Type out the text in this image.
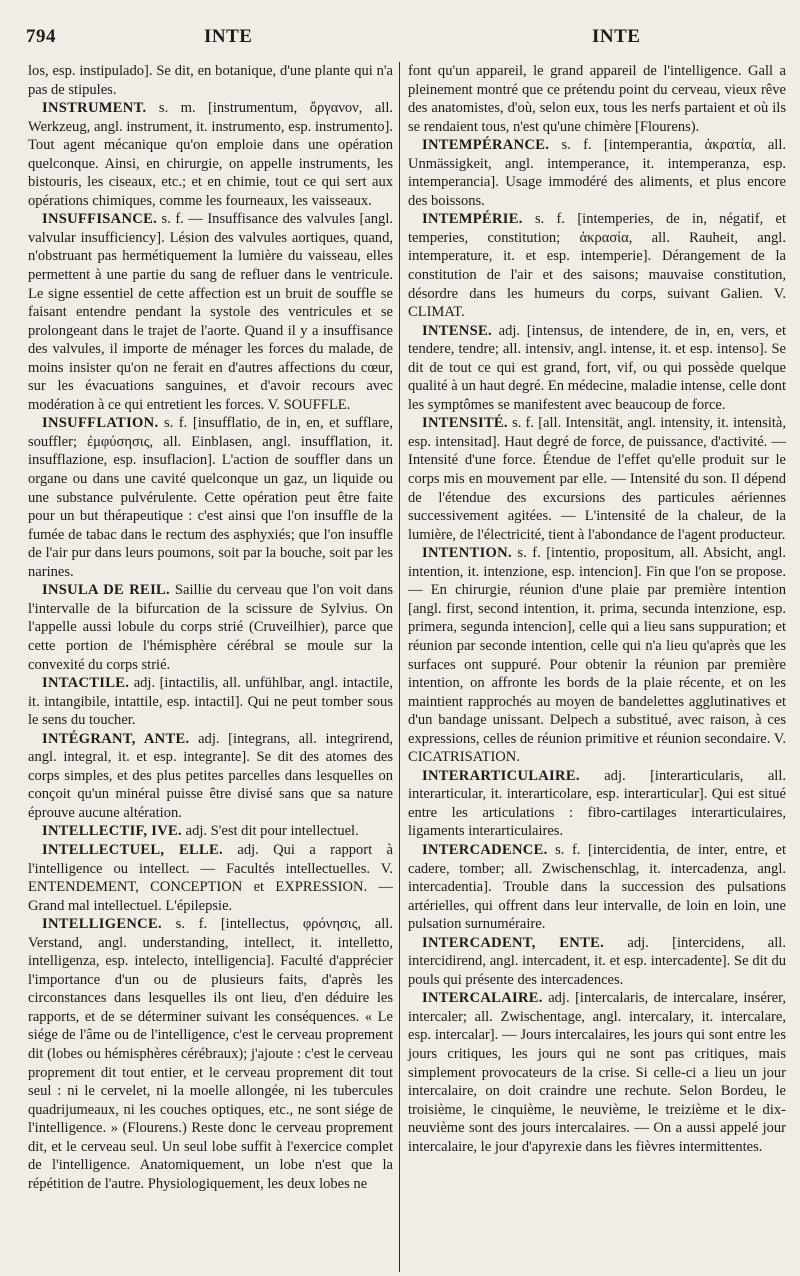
794	INTE	INTE

los, esp. instipulado]. Se dit, en botanique, d'une plante qui n'a pas de stipules.

INSTRUMENT. s. m. [instrumentum, ὄργανον, all. Werkzeug, angl. instrument, it. instrumento, esp. instrumento]. Tout agent mécanique qu'on emploie dans une opération quelconque. Ainsi, en chirurgie, on appelle instruments, les bistouris, les ciseaux, etc.; et en chimie, tout ce qui sert aux opérations chimiques, comme les fourneaux, les vaisseaux.

INSUFFISANCE. s. f. — Insuffisance des valvules [angl. valvular insufficiency]. Lésion des valvules aortiques, quand, n'obstruant pas hermétiquement la lumière du vaisseau, elles permettent à une partie du sang de refluer dans le ventricule. Le signe essentiel de cette affection est un bruit de souffle se faisant entendre pendant la systole des ventricules et se prolongeant dans le trajet de l'aorte. Quand il y a insuffisance des valvules, il importe de ménager les forces du malade, de moins insister qu'on ne ferait en d'autres affections du cœur, sur les évacuations sanguines, et d'avoir recours avec modération à ce qui entretient les forces. V. SOUFFLE.

INSUFFLATION. s. f. [insufflatio, de in, en, et sufflare, souffler; ἐμφύσησις, all. Einblasen, angl. insufflation, it. insufflazione, esp. insuflacion]. L'action de souffler dans un organe ou dans une cavité quelconque un gaz, un liquide ou une substance pulvérulente. Cette opération peut être faite pour un but thérapeutique : c'est ainsi que l'on insuffle de la fumée de tabac dans le rectum des asphyxiés; que l'on insuffle de l'air pur dans leurs poumons, soit par la bouche, soit par les narines.

INSULA DE REIL. Saillie du cerveau que l'on voit dans l'intervalle de la bifurcation de la scissure de Sylvius. On l'appelle aussi lobule du corps strié (Cruveilhier), parce que cette portion de l'hémisphère cérébral se moule sur la convexité du corps strié.

INTACTILE. adj. [intactilis, all. unfühlbar, angl. intactile, it. intangibile, intattile, esp. intactil]. Qui ne peut tomber sous le sens du toucher.

INTÉGRANT, ANTE. adj. [integrans, all. integrirend, angl. integral, it. et esp. integrante]. Se dit des atomes des corps simples, et des plus petites parcelles dans lesquelles on conçoit qu'un minéral puisse être divisé sans que sa nature éprouve aucune altération.

INTELLECTIF, IVE. adj. S'est dit pour intellectuel.

INTELLECTUEL, ELLE. adj. Qui a rapport à l'intelligence ou intellect. — Facultés intellectuelles. V. ENTENDEMENT, CONCEPTION et EXPRESSION. — Grand mal intellectuel. L'épilepsie.

INTELLIGENCE. s. f. [intellectus, φρόνησις, all. Verstand, angl. understanding, intellect, it. intelletto, intelligenza, esp. intelecto, intelligencia]. Faculté d'apprécier l'importance d'un ou de plusieurs faits, d'après les circonstances dans lesquelles ils ont lieu, d'en déduire les rapports, et de se déterminer suivant les conséquences. « Le siége de l'âme ou de l'intelligence, c'est le cerveau proprement dit (lobes ou hémisphères cérébraux); j'ajoute : c'est le cerveau proprement dit tout entier, et le cerveau proprement dit tout seul : ni le cervelet, ni la moelle allongée, ni les tubercules quadrijumeaux, ni les couches optiques, etc., ne sont siége de l'intelligence. » (Flourens.) Reste donc le cerveau proprement dit, et le cerveau seul. Un seul lobe suffit à l'exercice complet de l'intelligence. Anatomiquement, un lobe n'est que la répétition de l'autre. Physiologiquement, les deux lobes ne

font qu'un appareil, le grand appareil de l'intelligence. Gall a pleinement montré que ce prétendu point du cerveau, vieux rêve des anatomistes, d'où, selon eux, tous les nerfs partaient et où ils se rendaient tous, n'est qu'une chimère [Flourens).

INTEMPÉRANCE. s. f. [intemperantia, ἀκρατία, all. Unmässigkeit, angl. intemperance, it. intemperanza, esp. intemperancia]. Usage immodéré des aliments, et plus encore des boissons.

INTEMPÉRIE. s. f. [intemperies, de in, négatif, et temperies, constitution; ἀκρασία, all. Rauheit, angl. intemperature, it. et esp. intemperie]. Dérangement de la constitution de l'air et des saisons; mauvaise constitution, désordre dans les humeurs du corps, suivant Galien. V. CLIMAT.

INTENSE. adj. [intensus, de intendere, de in, en, vers, et tendere, tendre; all. intensiv, angl. intense, it. et esp. intenso]. Se dit de tout ce qui est grand, fort, vif, ou qui possède quelque qualité à un haut degré. En médecine, maladie intense, celle dont les symptômes se manifestent avec beaucoup de force.

INTENSITÉ. s. f. [all. Intensität, angl. intensity, it. intensità, esp. intensitad]. Haut degré de force, de puissance, d'activité. — Intensité d'une force. Étendue de l'effet qu'elle produit sur le corps mis en mouvement par elle. — Intensité du son. Il dépend de l'étendue des excursions des particules aériennes successivement agitées. — L'intensité de la chaleur, de la lumière, de l'électricité, tient à l'abondance de l'agent producteur.

INTENTION. s. f. [intentio, propositum, all. Absicht, angl. intention, it. intenzione, esp. intencion]. Fin que l'on se propose. — En chirurgie, réunion d'une plaie par première intention [angl. first, second intention, it. prima, secunda intenzione, esp. primera, segunda intencion], celle qui a lieu sans suppuration; et réunion par seconde intention, celle qui n'a lieu qu'après que les surfaces ont suppuré. Pour obtenir la réunion par première intention, on affronte les bords de la plaie récente, et on les maintient rapprochés au moyen de bandelettes agglutinatives et d'un bandage unissant. Delpech a substitué, avec raison, à ces expressions, celles de réunion primitive et réunion secondaire. V. CICATRISATION.

INTERARTICULAIRE. adj. [interarticularis, all. interarticular, it. interarticolare, esp. interarticular]. Qui est situé entre les articulations : fibro-cartilages interarticulaires, ligaments interarticulaires.

INTERCADENCE. s. f. [intercidentia, de inter, entre, et cadere, tomber; all. Zwischenschlag, it. intercadenza, angl. intercadentia]. Trouble dans la succession des pulsations artérielles, qui offrent dans leur intervalle, de loin en loin, une pulsation surnuméraire.

INTERCADENT, ENTE. adj. [intercidens, all. intercidirend, angl. intercadent, it. et esp. intercadente]. Se dit du pouls qui présente des intercadences.

INTERCALAIRE. adj. [intercalaris, de intercalare, insérer, intercaler; all. Zwischentage, angl. intercalary, it. intercalare, esp. intercalar]. — Jours intercalaires, les jours qui sont entre les jours critiques, les jours qui ne sont pas critiques, mais simplement provocateurs de la crise. Si celle-ci a lieu un jour intercalaire, on doit craindre une rechute. Selon Bordeu, le troisième, le cinquième, le neuvième, le treizième et le dix-neuvième sont des jours intercalaires. — On a aussi appelé jour intercalaire, le jour d'apyrexie dans les fièvres intermittentes.
